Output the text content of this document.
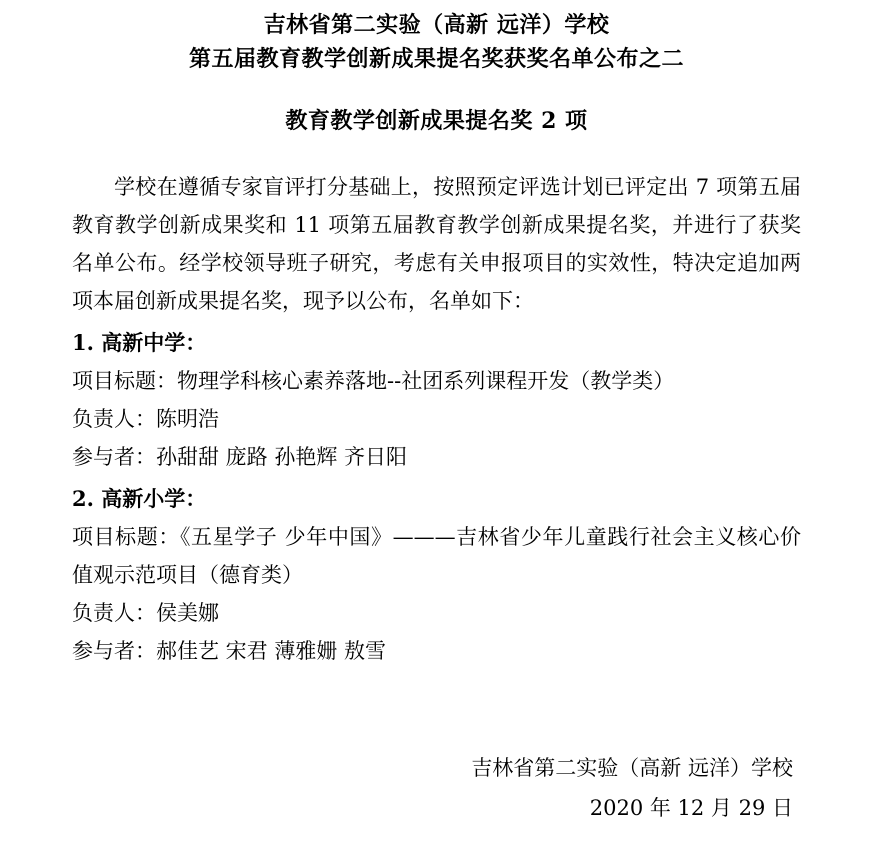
吉林省第二实验（高新 远洋）学校
第五届教育教学创新成果提名奖获奖名单公布之二
教育教学创新成果提名奖 2 项
学校在遵循专家盲评打分基础上，按照预定评选计划已评定出 7 项第五届教育教学创新成果奖和 11 项第五届教育教学创新成果提名奖，并进行了获奖名单公布。经学校领导班子研究，考虑有关申报项目的实效性，特决定追加两项本届创新成果提名奖，现予以公布，名单如下：
1. 高新中学：
项目标题：物理学科核心素养落地--社团系列课程开发（教学类）
负责人：陈明浩
参与者：孙甜甜 庞路 孙艳辉 齐日阳
2. 高新小学：
项目标题：《五星学子 少年中国》———吉林省少年儿童践行社会主义核心价值观示范项目（德育类）
负责人：侯美娜
参与者：郝佳艺 宋君 薄雅姗 敖雪
吉林省第二实验（高新 远洋）学校
2020 年 12 月 29 日
